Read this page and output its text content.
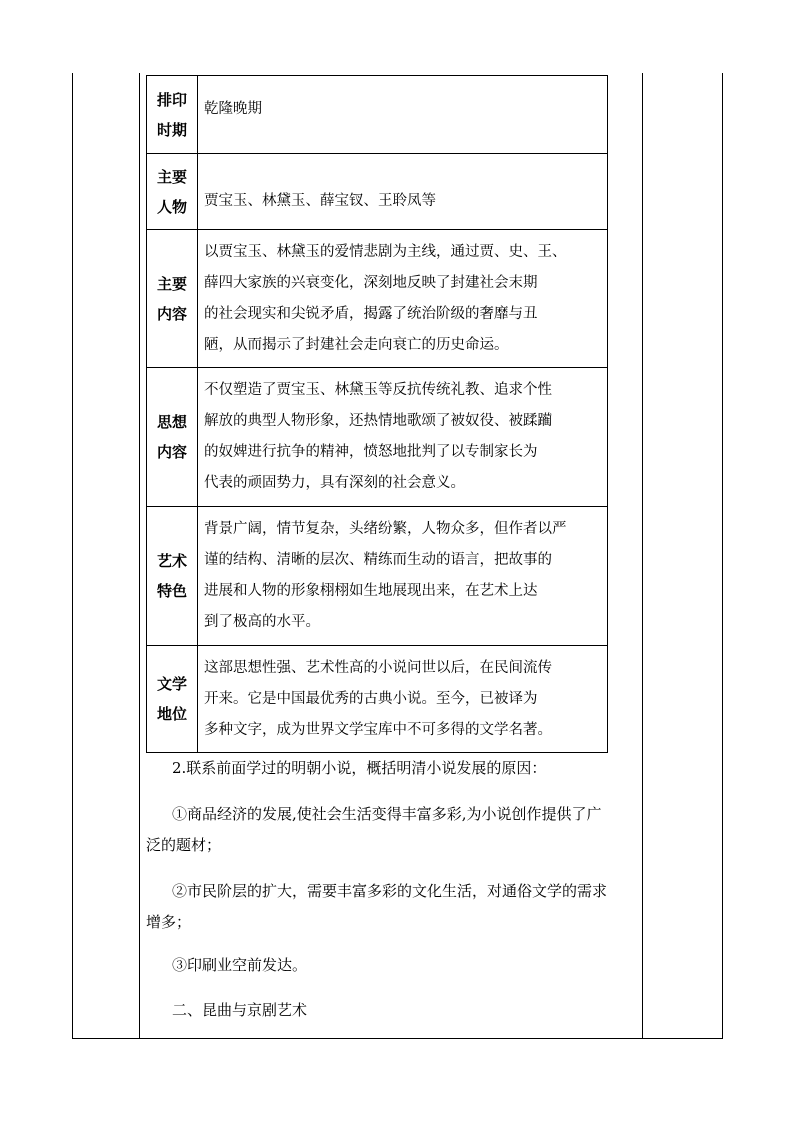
排印
时期	乾隆晚期

主要
人物	贾宝玉、林黛玉、薛宝钗、王聆凤等

主要
内容	以贾宝玉、林黛玉的爱情悲剧为主线，通过贾、史、王、
薛四大家族的兴衰变化，深刻地反映了封建社会末期
的社会现实和尖锐矛盾，揭露了统治阶级的奢靡与丑
陋，从而揭示了封建社会走向衰亡的历史命运。

思想
内容	不仅塑造了贾宝玉、林黛玉等反抗传统礼教、追求个性
解放的典型人物形象，还热情地歌颂了被奴役、被蹂躏
的奴婢进行抗争的精神，愤怒地批判了以专制家长为
代表的顽固势力，具有深刻的社会意义。

艺术
特色	背景广阔，情节复杂，头绪纷繁，人物众多，但作者以严
谨的结构、清晰的层次、精练而生动的语言，把故事的
进展和人物的形象栩栩如生地展现出来，在艺术上达
到了极高的水平。

文学
地位	这部思想性强、艺术性高的小说问世以后，在民间流传
开来。它是中国最优秀的古典小说。至今，已被译为
多种文字，成为世界文学宝库中不可多得的文学名著。
2.联系前面学过的明朝小说，概括明清小说发展的原因：
①商品经济的发展,使社会生活变得丰富多彩,为小说创作提供了广
泛的题材；
②市民阶层的扩大，需要丰富多彩的文化生活，对通俗文学的需求
增多；
③印刷业空前发达。
二、昆曲与京剧艺术
